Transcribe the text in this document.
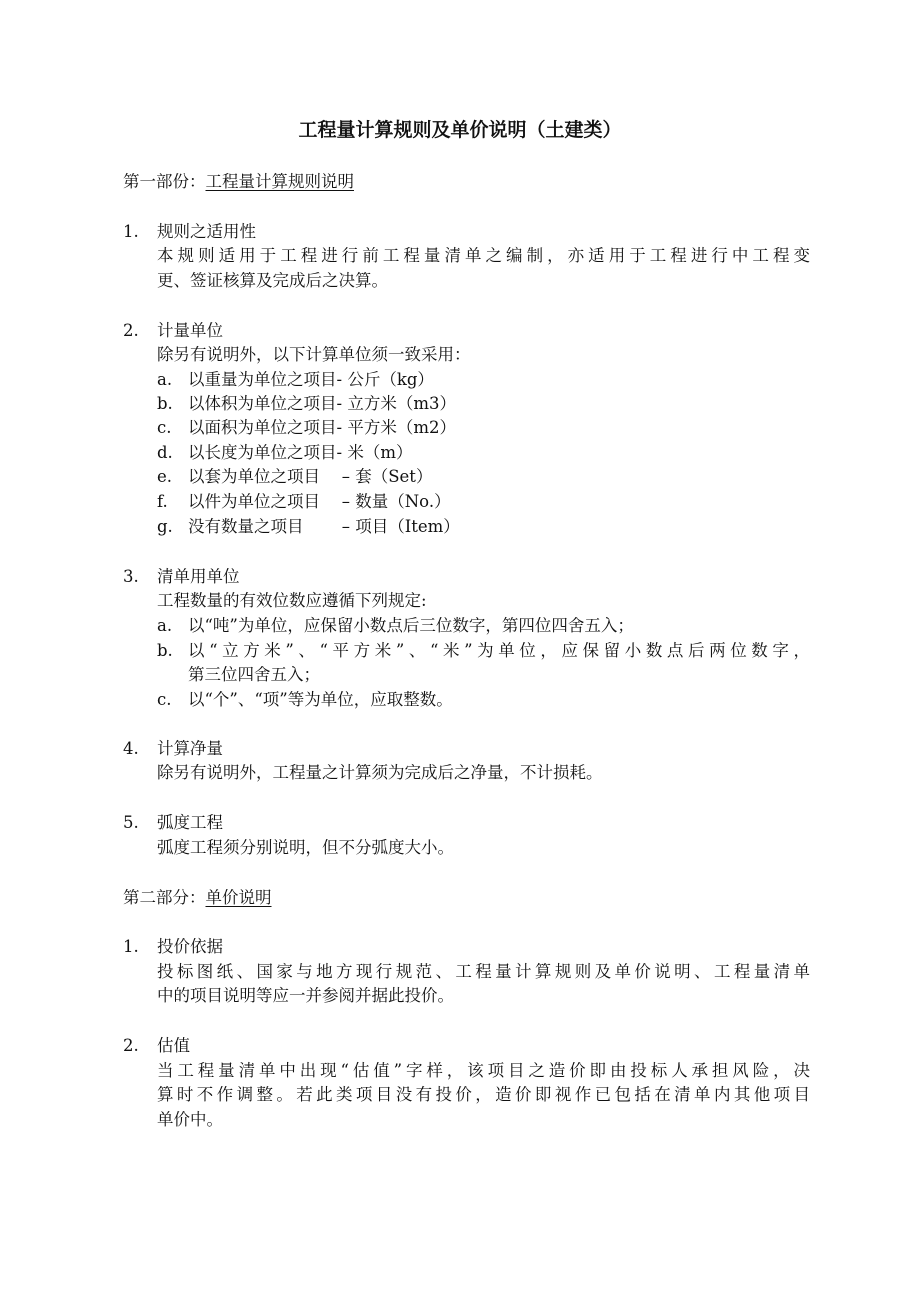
工程量计算规则及单价说明（土建类）
第一部份：工程量计算规则说明
1. 规则之适用性
本规则适用于工程进行前工程量清单之编制，亦适用于工程进行中工程变
更、签证核算及完成后之决算。
2. 计量单位
除另有说明外，以下计算单位须一致采用：
a. 以重量为单位之项目- 公斤（kg）
b. 以体积为单位之项目- 立方米（m3）
c. 以面积为单位之项目- 平方米（m2）
d. 以长度为单位之项目- 米（m）
e. 以套为单位之项目　 – 套（Set）
f. 以件为单位之项目　 – 数量（No.）
g. 没有数量之项目　　 – 项目（Item）
3. 清单用单位
工程数量的有效位数应遵循下列规定:
a. 以“吨”为单位，应保留小数点后三位数字，第四位四舍五入；
b. 以“立方米”、“平方米”、“米”为单位，应保留小数点后两位数字，
第三位四舍五入；
c. 以“个”、“项”等为单位，应取整数。
4. 计算净量
除另有说明外，工程量之计算须为完成后之净量，不计损耗。
5. 弧度工程
弧度工程须分别说明，但不分弧度大小。
第二部分：单价说明
1. 投价依据
投标图纸、国家与地方现行规范、工程量计算规则及单价说明、工程量清单
中的项目说明等应一并参阅并据此投价。
2. 估值
当工程量清单中出现“估值”字样，该项目之造价即由投标人承担风险，决
算时不作调整。若此类项目没有投价，造价即视作已包括在清单内其他项目
单价中。
